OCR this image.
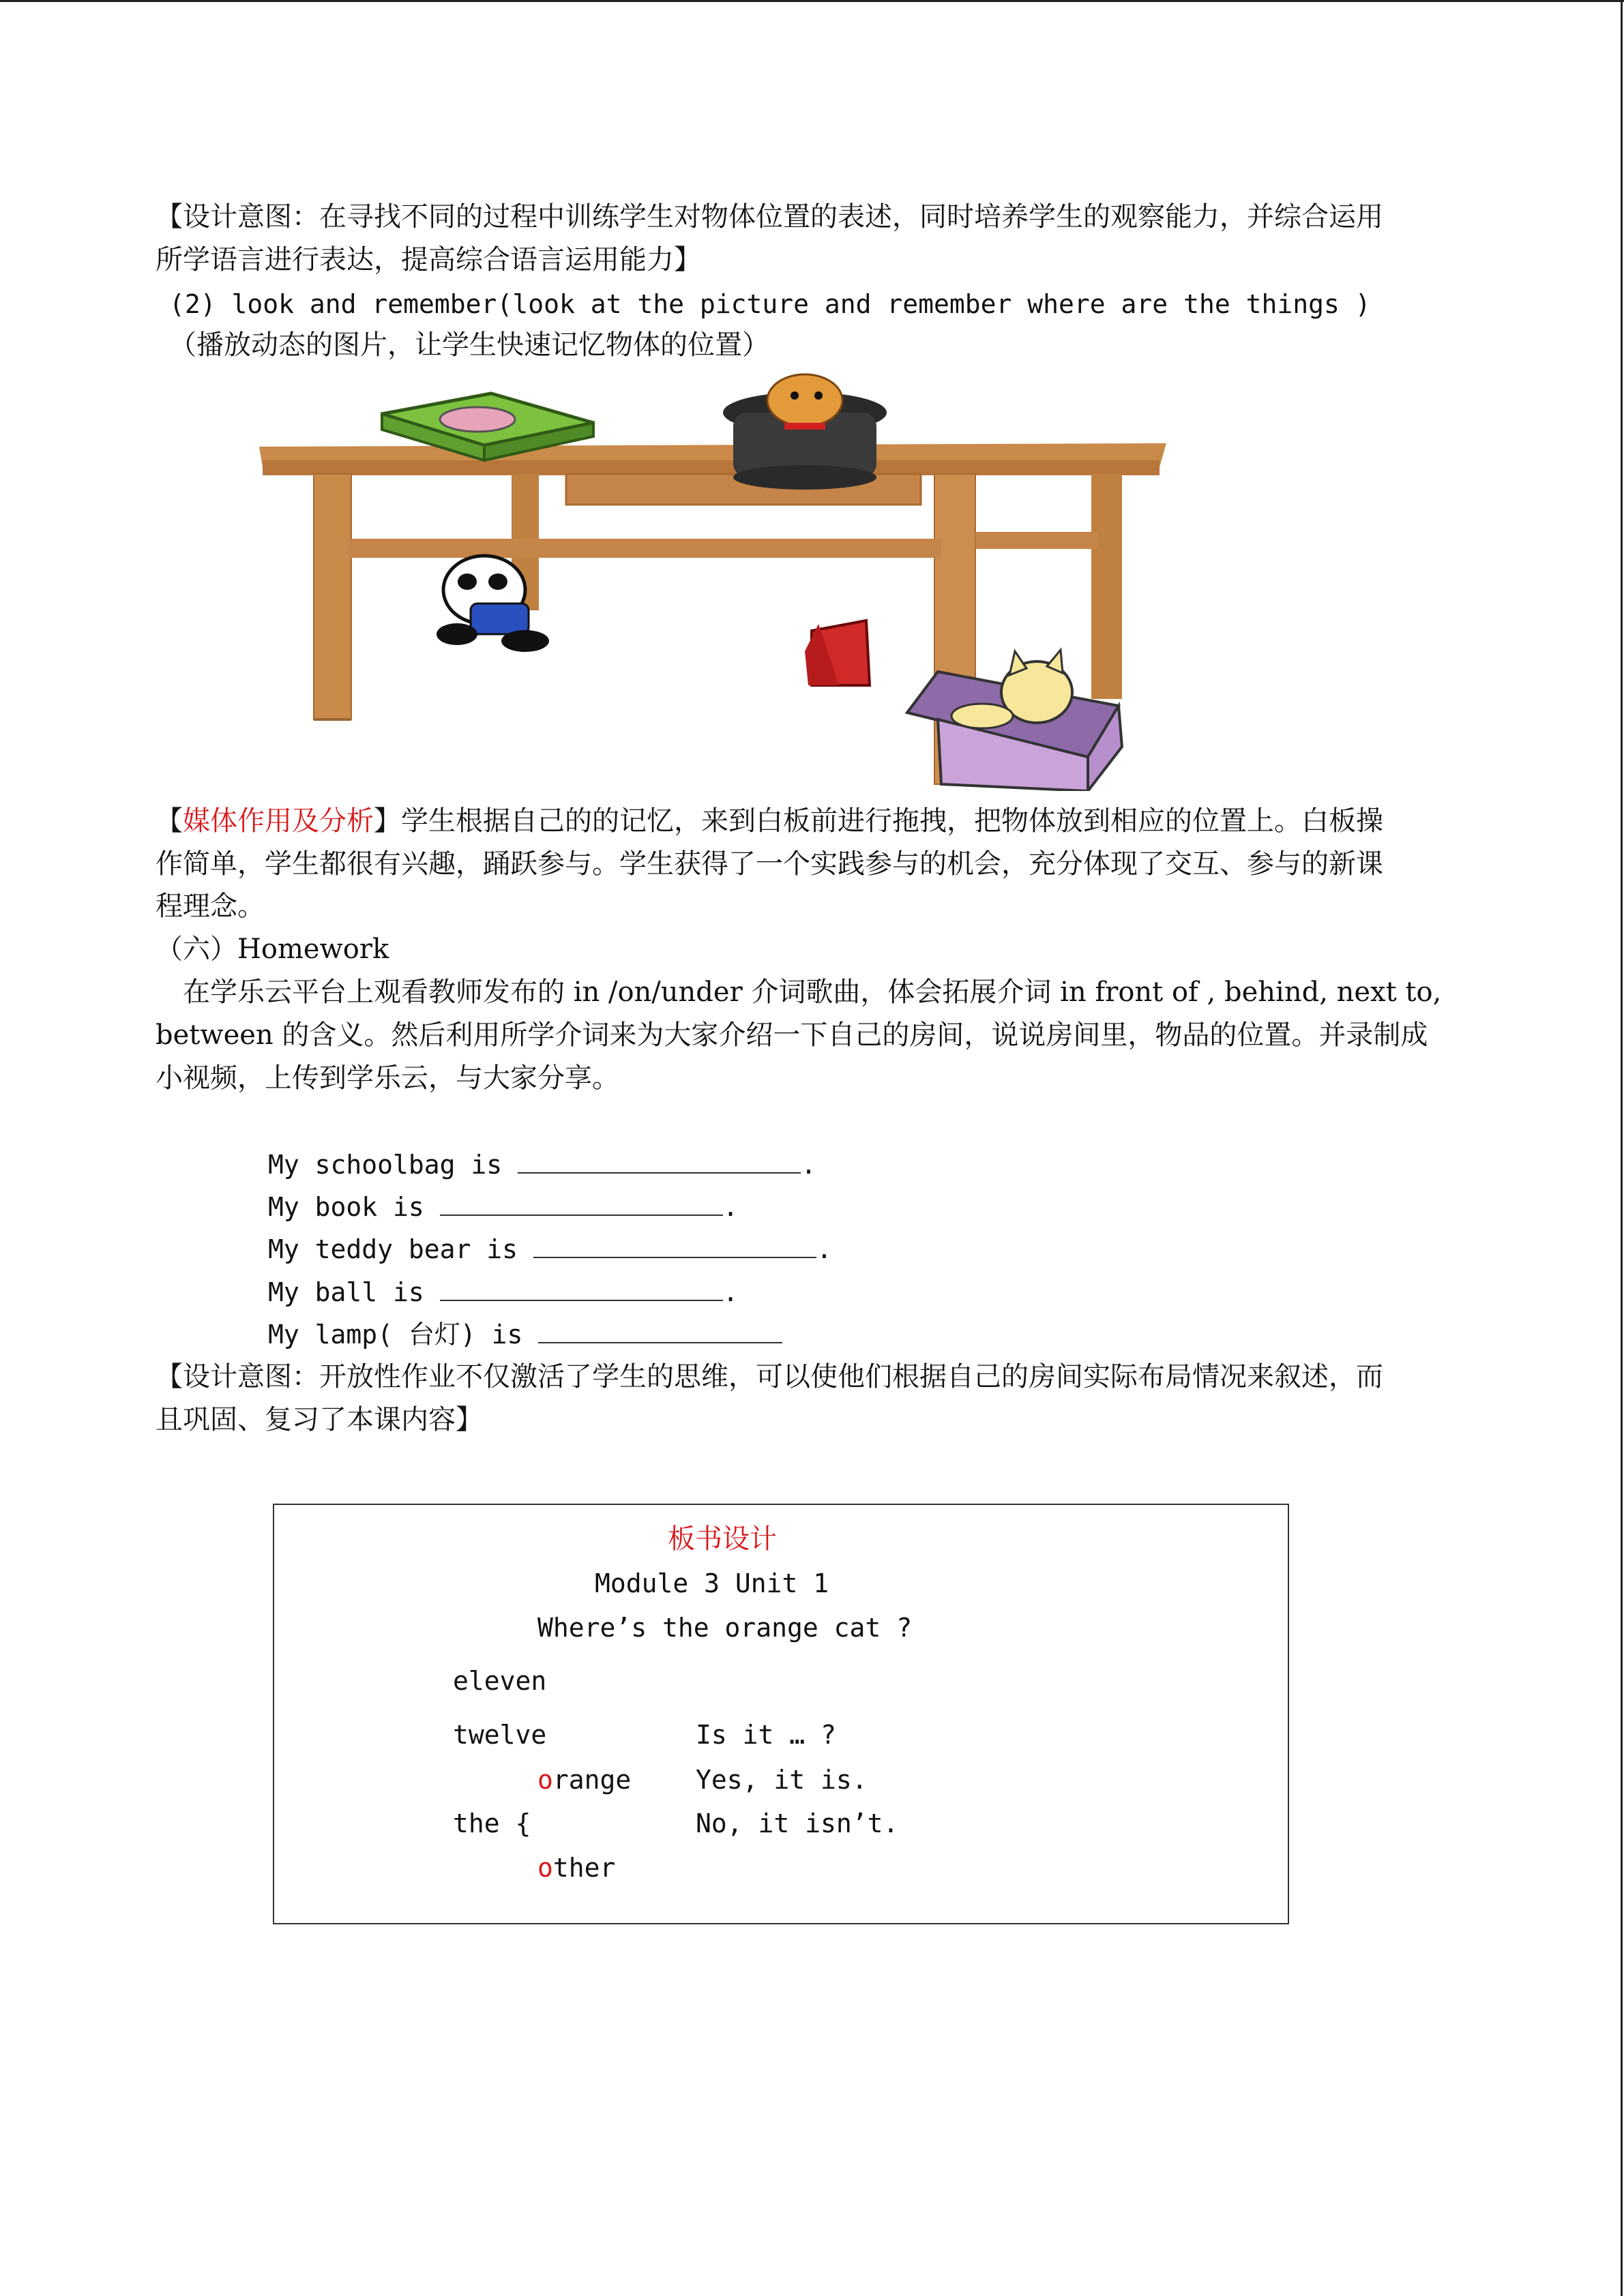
【设计意图：在寻找不同的过程中训练学生对物体位置的表述，同时培养学生的观察能力，并综合运用
所学语言进行表达，提高综合语言运用能力】
(2) look and remember(look at the picture and remember where are the things )
（播放动态的图片，让学生快速记忆物体的位置）
【媒体作用及分析】学生根据自己的的记忆，来到白板前进行拖拽，把物体放到相应的位置上。白板操
作简单，学生都很有兴趣，踊跃参与。学生获得了一个实践参与的机会，充分体现了交互、参与的新课
程理念。
（六）Homework
在学乐云平台上观看教师发布的 in /on/under 介词歌曲，体会拓展介词 in front of , behind, next to,
between 的含义。然后利用所学介词来为大家介绍一下自己的房间，说说房间里，物品的位置。并录制成
小视频，上传到学乐云，与大家分享。
My schoolbag is	.
My book is	.
My teddy bear is	.
My ball is	.
My lamp( 台灯) is
【设计意图：开放性作业不仅激活了学生的思维，可以使他们根据自己的房间实际布局情况来叙述，而
且巩固、复习了本课内容】
板书设计
Module 3 Unit 1
Where’s the orange cat ?
eleven
twelve	Is it … ?
orange Yes, it is.
the {	No, it isn’t.
other
